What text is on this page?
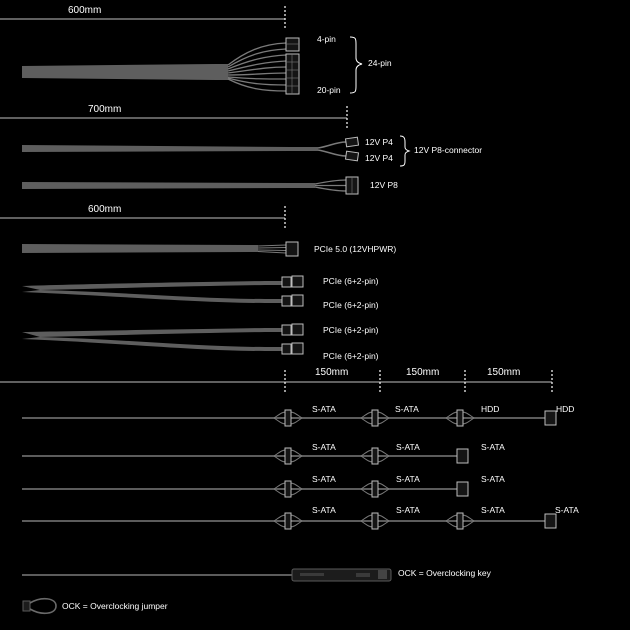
600mm
4-pin
20-pin
24-pin
700mm
12V P4
12V P4
12V P8-connector
12V P8
600mm
PCIe 5.0 (12VHPWR)
PCIe (6+2-pin)
PCIe (6+2-pin)
PCIe (6+2-pin)
PCIe (6+2-pin)
150mm	150mm	150mm
S-ATA	S-ATA	HDD	HDD
S-ATA	S-ATA	S-ATA
S-ATA	S-ATA	S-ATA
S-ATA	S-ATA	S-ATA	S-ATA
OCK = Overclocking key
OCK = Overclocking jumper
